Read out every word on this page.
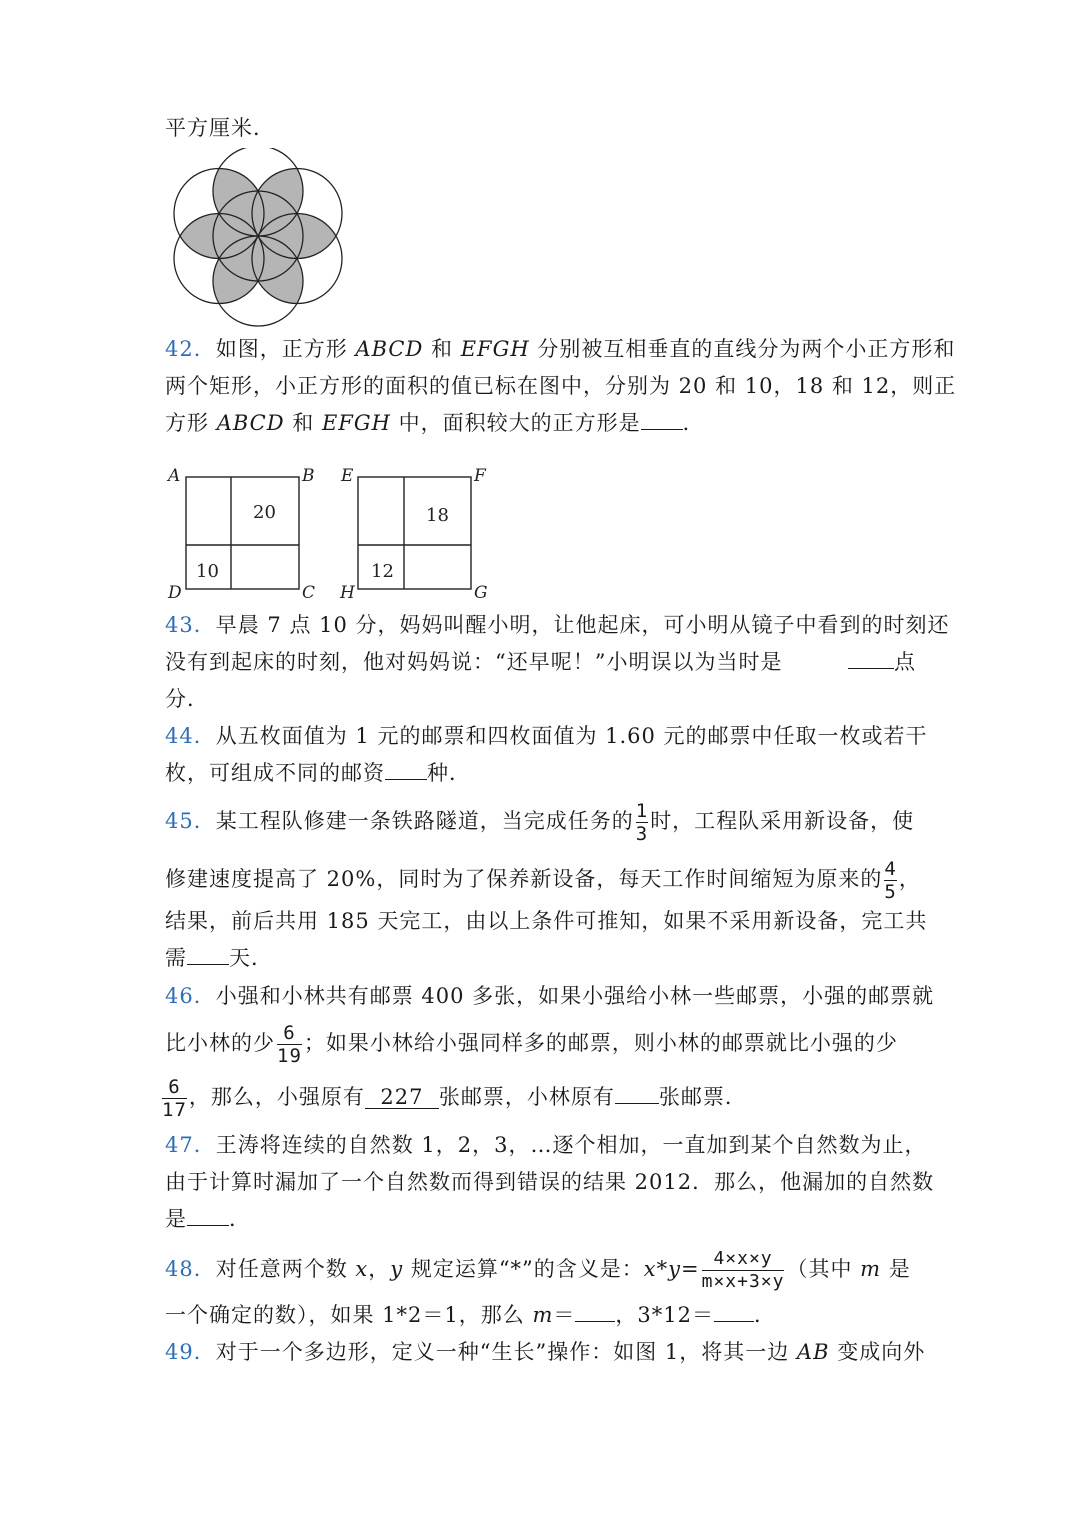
平方厘米．
42．如图，正方形 ABCD 和 EFGH 分别被互相垂直的直线分为两个小正方形和
两个矩形，小正方形的面积的值已标在图中，分别为 20 和 10，18 和 12，则正
方形 ABCD 和 EFGH 中，面积较大的正方形是 ．
A	B
C
D
E	F
G
H
20
10
18
12
43．早晨 7 点 10 分，妈妈叫醒小明，让他起床，可小明从镜子中看到的时刻还
没有到起床的时刻，他对妈妈说：“还早呢！”小明误以为当时是	点
分．
44．从五枚面值为 1 元的邮票和四枚面值为 1.60 元的邮票中任取一枚或若干
枚，可组成不同的邮资 种．
45．某工程队修建一条铁路隧道，当完成任务的 $\frac{1}{3}$ 时，工程队采用新设备，使
修建速度提高了 20%，同时为了保养新设备，每天工作时间缩短为原来的 $\frac{4}{5}$ ，
结果，前后共用 185 天完工，由以上条件可推知，如果不采用新设备，完工共
需 天．
46．小强和小林共有邮票 400 多张，如果小强给小林一些邮票，小强的邮票就
比小林的少 $\frac{6}{19}$ ；如果小林给小强同样多的邮票，则小林的邮票就比小强的少
$\frac{6}{17}$ ，那么，小强原有 227 张邮票，小林原有 张邮票．
47．王涛将连续的自然数 1，2，3，…逐个相加，一直加到某个自然数为止，
由于计算时漏加了一个自然数而得到错误的结果 2012．那么，他漏加的自然数
是 ．
48．对任意两个数 x，y 规定运算“*”的含义是：$x*y= \frac{4\times x\times y}{m\times x+3\times y}$ （其中 m 是
一个确定的数），如果 1*2＝1，那么 m＝ ，3*12＝ ．
49．对于一个多边形，定义一种“生长”操作：如图 1，将其一边 AB 变成向外
